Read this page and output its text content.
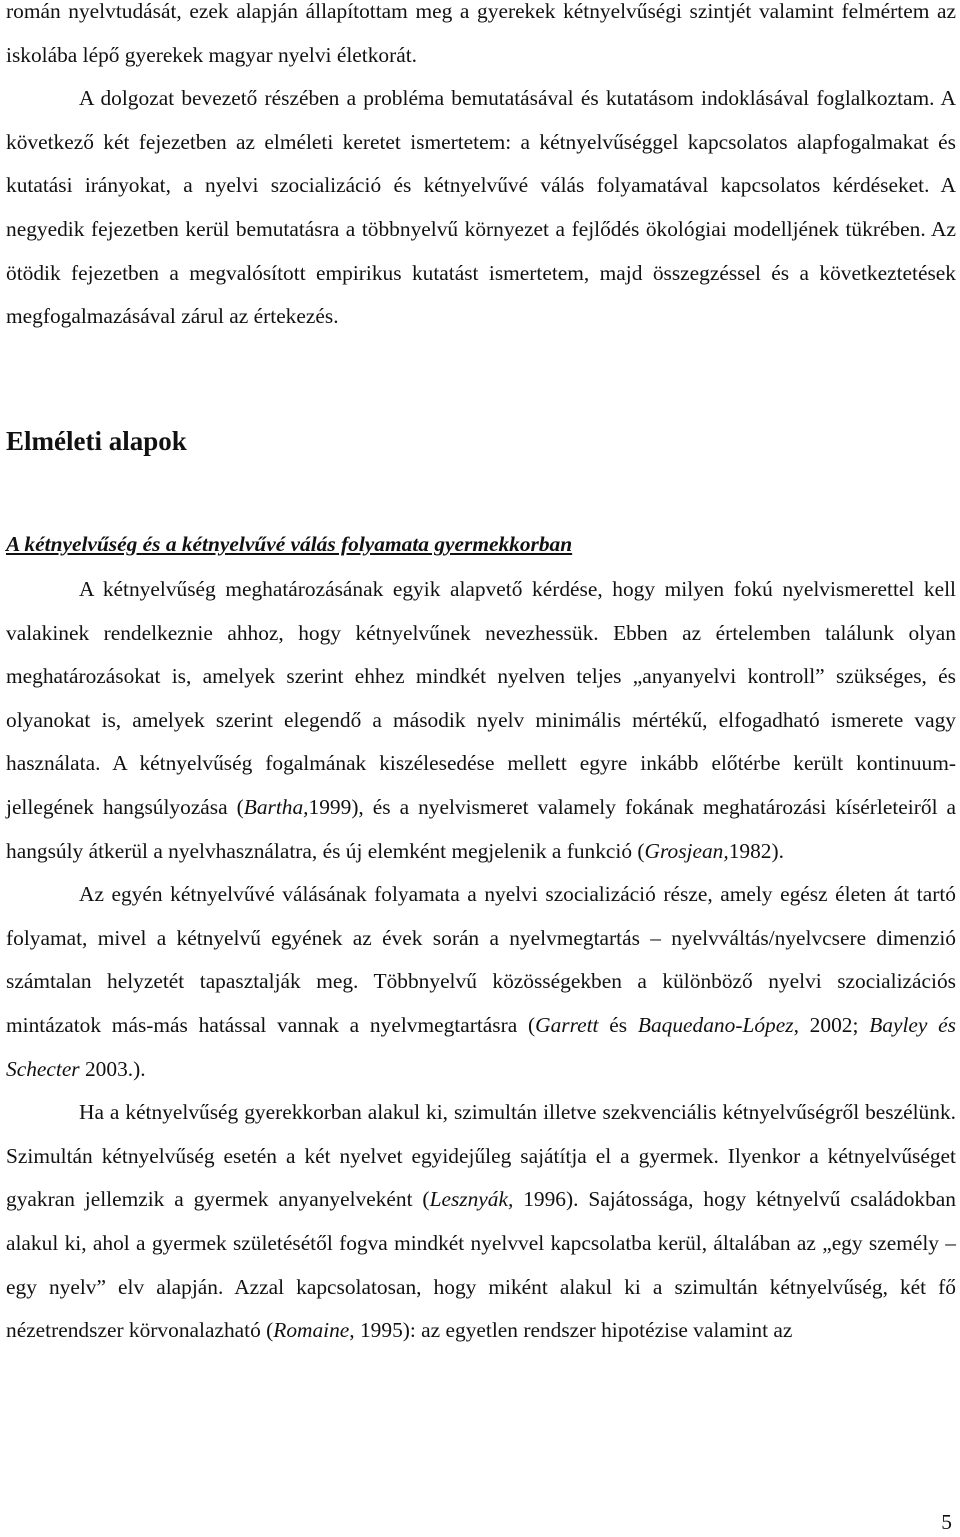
román nyelvtudását, ezek alapján állapítottam meg a gyerekek kétnyelvűségi szintjét valamint felmértem az iskolába lépő gyerekek magyar nyelvi életkorát.

A dolgozat bevezető részében a probléma bemutatásával és kutatásom indoklásával foglalkoztam. A következő két fejezetben az elméleti keretet ismertetem: a kétnyelvűséggel kapcsolatos alapfogalmakat és kutatási irányokat, a nyelvi szocializáció és kétnyelvűvé válás folyamatával kapcsolatos kérdéseket. A negyedik fejezetben kerül bemutatásra a többnyelvű környezet a fejlődés ökológiai modelljének tükrében. Az ötödik fejezetben a megvalósított empirikus kutatást ismertetem, majd összegzéssel és a következtetések megfogalmazásával zárul az értekezés.

Elméleti alapok
A kétnyelvűség és a kétnyelvűvé válás folyamata gyermekkorban

A kétnyelvűség meghatározásának egyik alapvető kérdése, hogy milyen fokú nyelvismerettel kell valakinek rendelkeznie ahhoz, hogy kétnyelvűnek nevezhessük. Ebben az értelemben találunk olyan meghatározásokat is, amelyek szerint ehhez mindkét nyelven teljes „anyanyelvi kontroll” szükséges, és olyanokat is, amelyek szerint elegendő a második nyelv minimális mértékű, elfogadható ismerete vagy használata. A kétnyelvűség fogalmának kiszélesedése mellett egyre inkább előtérbe került kontinuum-jellegének hangsúlyozása (Bartha,1999), és a nyelvismeret valamely fokának meghatározási kísérleteiről a hangsúly átkerül a nyelvhasználatra, és új elemként megjelenik a funkció (Grosjean,1982).

Az egyén kétnyelvűvé válásának folyamata a nyelvi szocializáció része, amely egész életen át tartó folyamat, mivel a kétnyelvű egyének az évek során a nyelvmegtartás – nyelvváltás/nyelvcsere dimenzió számtalan helyzetét tapasztalják meg. Többnyelvű közösségekben a különböző nyelvi szocializációs mintázatok más-más hatással vannak a nyelvmegtartásra (Garrett és Baquedano-López, 2002; Bayley és Schecter 2003.).

Ha a kétnyelvűség gyerekkorban alakul ki, szimultán illetve szekvenciális kétnyelvűségről beszélünk. Szimultán kétnyelvűség esetén a két nyelvet egyidejűleg sajátítja el a gyermek. Ilyenkor a kétnyelvűséget gyakran jellemzik a gyermek anyanyelveként (Lesznyák, 1996). Sajátossága, hogy kétnyelvű családokban alakul ki, ahol a gyermek születésétől fogva mindkét nyelvvel kapcsolatba kerül, általában az „egy személy – egy nyelv” elv alapján. Azzal kapcsolatosan, hogy miként alakul ki a szimultán kétnyelvűség, két fő nézetrendszer körvonalazható (Romaine, 1995): az egyetlen rendszer hipotézise valamint az

5
